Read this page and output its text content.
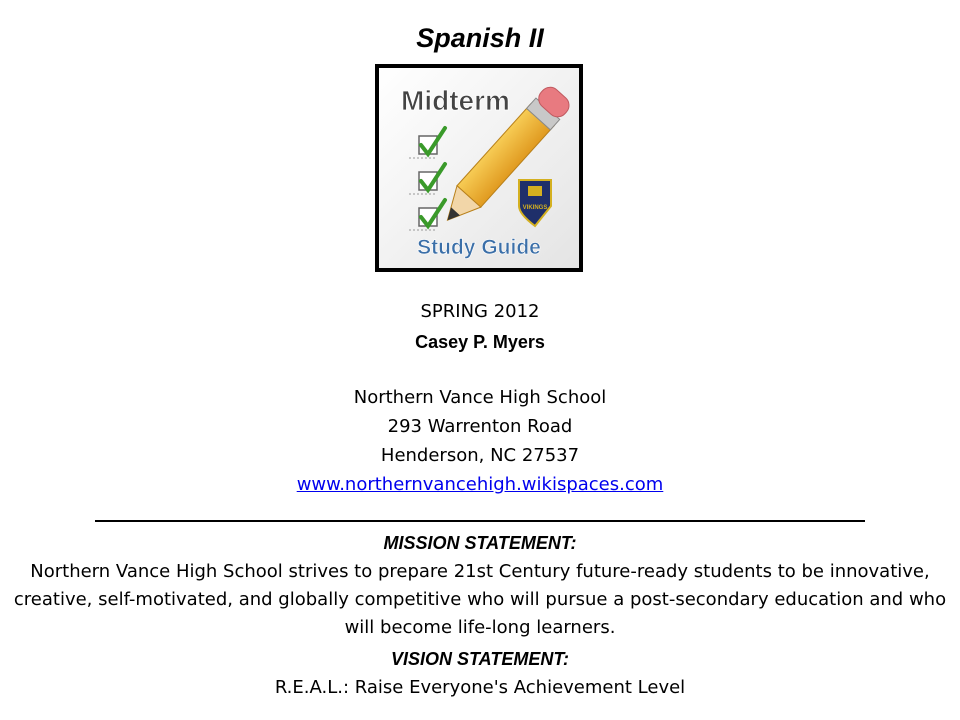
Spanish II
Midterm
VIKINGS
Study Guide
SPRING 2012
Casey P. Myers
Northern Vance High School
293 Warrenton Road
Henderson, NC 27537
www.northernvancehigh.wikispaces.com
MISSION STATEMENT:
Northern Vance High School strives to prepare 21st Century future-ready students to be innovative, creative, self-motivated, and globally competitive who will pursue a post-secondary education and who will become life-long learners.
VISION STATEMENT:
R.E.A.L.: Raise Everyone's Achievement Level
